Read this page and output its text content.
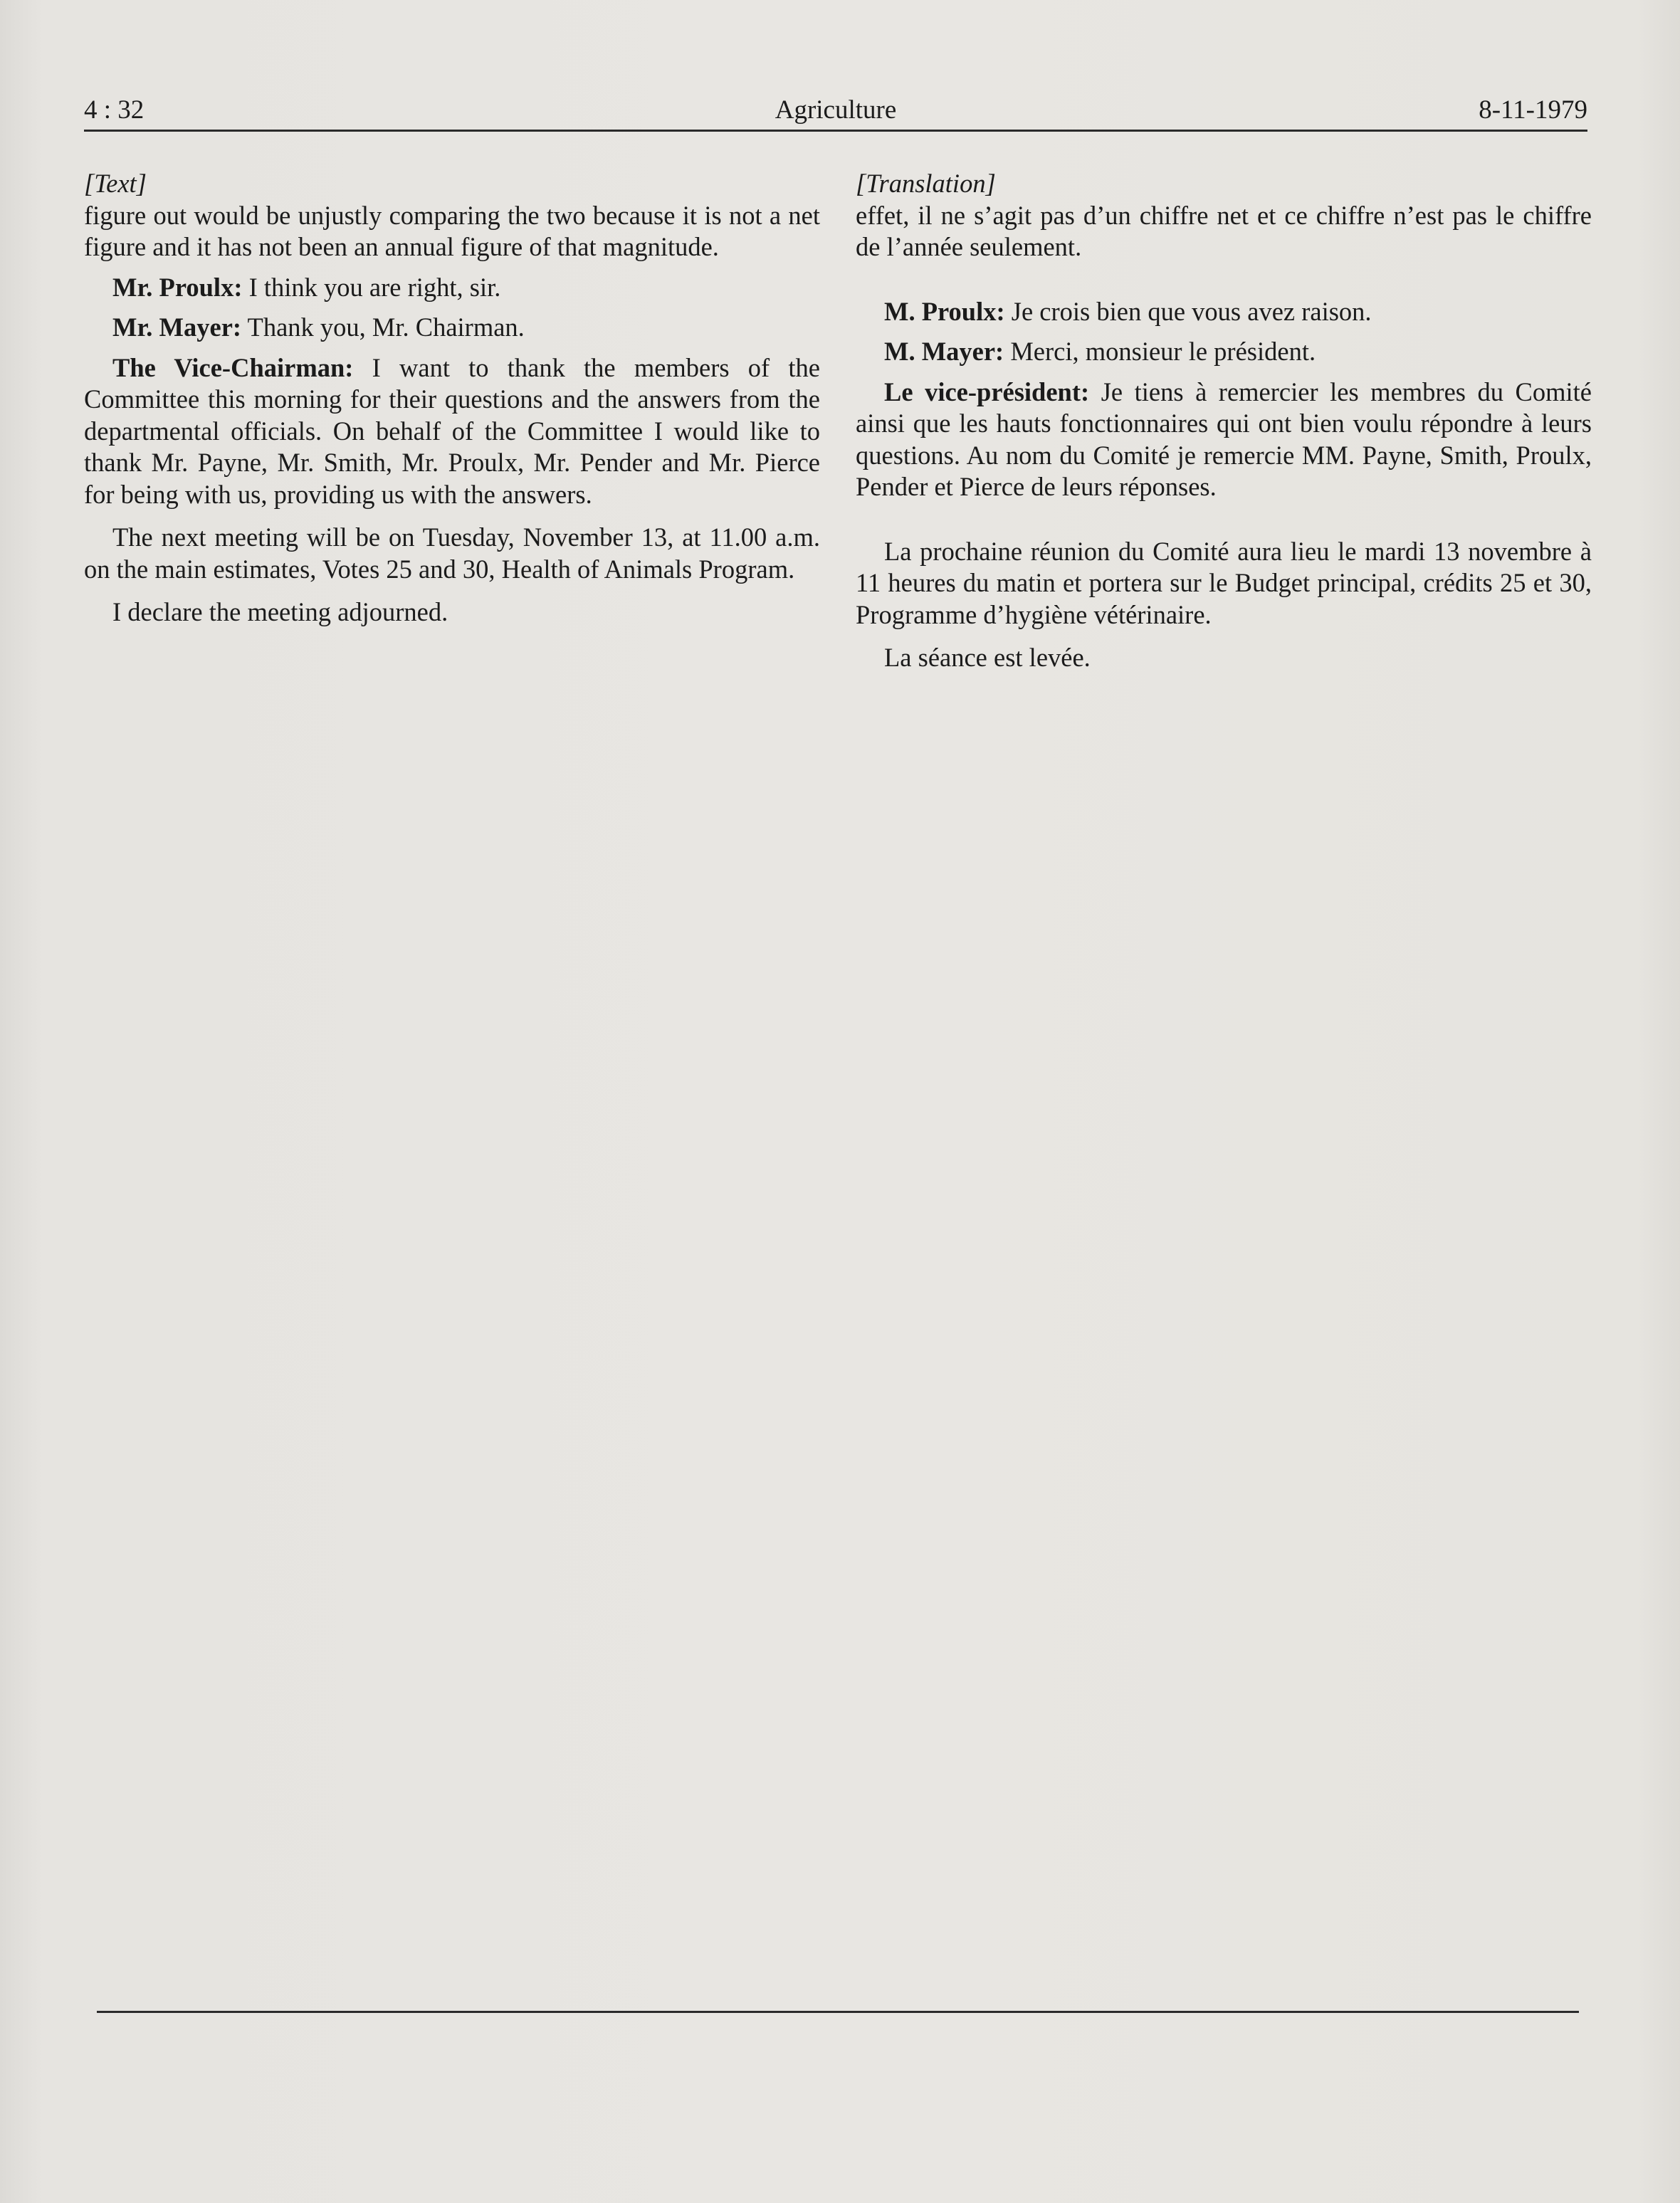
4 : 32	Agriculture	8-11-1979

[Text]

figure out would be unjustly comparing the two because it is not a net figure and it has not been an annual figure of that magnitude.

Mr. Proulx: I think you are right, sir.

Mr. Mayer: Thank you, Mr. Chairman.

The Vice-Chairman: I want to thank the members of the Committee this morning for their questions and the answers from the departmental officials. On behalf of the Committee I would like to thank Mr. Payne, Mr. Smith, Mr. Proulx, Mr. Pender and Mr. Pierce for being with us, providing us with the answers.

The next meeting will be on Tuesday, November 13, at 11.00 a.m. on the main estimates, Votes 25 and 30, Health of Animals Program.

I declare the meeting adjourned.

[Translation]

effet, il ne s’agit pas d’un chiffre net et ce chiffre n’est pas le chiffre de l’année seulement.

M. Proulx: Je crois bien que vous avez raison.

M. Mayer: Merci, monsieur le président.

Le vice-président: Je tiens à remercier les membres du Comité ainsi que les hauts fonctionnaires qui ont bien voulu répondre à leurs questions. Au nom du Comité je remercie MM. Payne, Smith, Proulx, Pender et Pierce de leurs réponses.

La prochaine réunion du Comité aura lieu le mardi 13 novembre à 11 heures du matin et portera sur le Budget principal, crédits 25 et 30, Programme d’hygiène vétérinaire.

La séance est levée.
